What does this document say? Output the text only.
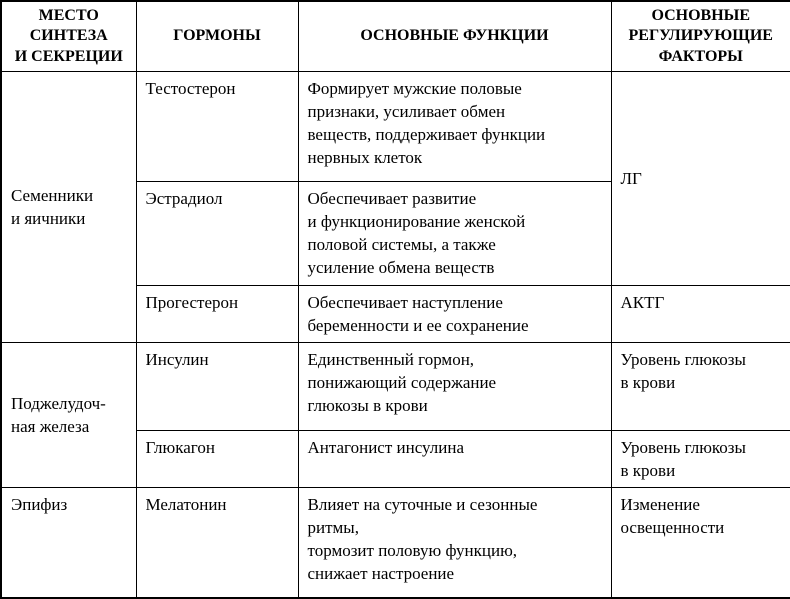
МЕСТО
СИНТЕЗА
И СЕКРЕЦИИ	ГОРМОНЫ	ОСНОВНЫЕ ФУНКЦИИ	ОСНОВНЫЕ
РЕГУЛИРУЮЩИЕ
ФАКТОРЫ
Семенники
и яичники	Тестостерон	Формирует мужские половые
признаки, усиливает обмен
веществ, поддерживает функции
нервных клеток	ЛГ
	Эстрадиол	Обеспечивает развитие
и функционирование женской
половой системы, а также
усиление обмена веществ	
	Прогестерон	Обеспечивает наступление
беременности и ее сохранение	АКТГ
Поджелудоч-
ная железа	Инсулин	Единственный гормон,
понижающий содержание
глюкозы в крови	Уровень глюкозы
в крови
	Глюкагон	Антагонист инсулина	Уровень глюкозы
в крови
Эпифиз	Мелатонин	Влияет на суточные и сезонные
ритмы,
тормозит половую функцию,
снижает настроение	Изменение
освещенности
